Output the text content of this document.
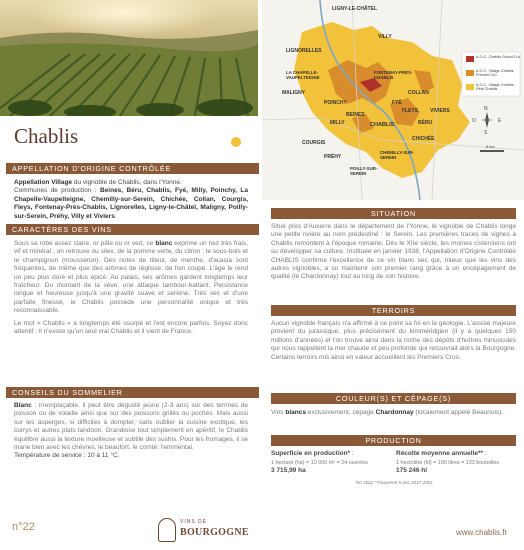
LIGNY-LE-CHÂTEL
LIGNORELLES
LA CHAPELLE-VAUPELTEIGNE
FONTENAY-PRÈS-CHABLIS
COLLAN
POINCHY
MALIGNY
BEINES
FYÉ
FLEYS VIVIERS
BÉRU
COURGIS
CHEMILLY-SUR-SEREIN
CHICHÉE
POILLY-SUR-SEREIN
PRÉHY
CHABLIS
MILLY
VILLY
A.O.C. Chablis Grand Cru
A.O.C. Village Chablis Premier Cru
A.O.C. Village Chablis - Petit Chablis
N
O	E
S
5 km
Chablis
APPELLATION D'ORIGINE CONTRÔLÉE
Appellation Village du vignoble de Chablis, dans l'Yonne.
Communes de production : Beines, Béru, Chablis, Fyé, Milly, Poinchy, La Chapelle-Vaupelteigne, Chemilly-sur-Serein, Chichée, Collan, Courgis, Fleys, Fontenay-Près-Chablis, Lignorelles, Ligny-le-Châtel, Maligny, Poilly-sur-Serein, Préhy, Villy et Viviers.
CARACTÈRES DES VINS
Sous sa robe assez claire, or pâle ou or vert, ce blanc exprime un nez très frais, vif et minéral ; on retrouve ou silex, de la pomme verte, du citron ; le sous-bois et le champignon (mousseron). Des notes de tilleul, de menthe, d'acacia sont fréquentes, de même que des arômes de réglisse, de foin coupé. L'âge le rend un peu plus doré et plus épicé. Au palais, ses arômes gardent longtemps leur fraîcheur. Du montant de la sève, une attaque tambour-battant. Persistance longue et heureuse jusqu'à une gravité suave et sereine. Très sec et d'une parfaite finesse, le Chablis possède une personnalité unique et très reconnaissable.
Le mot « Chablis » a longtemps été usurpé et l'est encore parfois. Soyez donc attentif : il n'existe qu'un seul vrai Chablis et il vient de France.
CONSEILS DU SOMMELIER
Blanc : irremplaçable, il peut être dégusté jeune (2-3 ans) sur des terrines de poisson ou de volaille ainsi que sur des poissons grillés ou pochés. Mais aussi sur les asperges, si difficiles à dompter, sans oublier la cuisine exotique, les currys et autres plats tandoori. Grandiose tout simplement en apéritif, le Chablis équilibre aussi la texture moelleuse et subtile des sushis. Pour les fromages, il se marie bien avec les chèvres, le beaufort, le comté, l'emmental.
Température de service : 10 à 11 °C.
SITUATION
Situé près d'Auxerre dans le département de l'Yonne, le vignoble de Chablis longe une petite rivière au nom prédestiné : le Serein. Les premières traces de vignes à Chablis remontent à l'époque romaine. Dès le XIIe siècle, les moines cisterciens ont su développer sa culture. Instituée en janvier 1938, l'Appellation d'Origine Contrôlée CHABLIS confirme l'excellence de ce vin blanc sec qui, mieux que les vins des autres vignobles, a su maintenir son premier rang grâce à un encépagement de qualité (le Chardonnay) tout au long de son histoire.
TERROIRS
Aucun vignoble français n'a affirmé à ce point sa foi en la géologie. L'assise majeure provient du jurassique, plus précisément du kimméridgien (il y a quelques 150 millions d'années) et l'on trouve ainsi dans la roche des dépôts d'huîtres minuscules qui nous rappellent la mer chaude et peu profonde qui recouvrait alors la Bourgogne. Certains terroirs mis ainsi en valeur accueillent les Premiers Crus.
COULEUR(S) ET CÉPAGE(S)
Vins blancs exclusivement, cépage Chardonnay (localement appelé Beaunois).
PRODUCTION
Superficie en production* :
1 hectare (ha) = 10 000 m² = 24 ouvrées
3 715,99 ha
Récolte moyenne annuelle** :
1 hectolitre (hl) = 100 litres = 133 bouteilles
175 246 hl
*en 2022 **moyenne 5 ans 2017-2021
n°22	VINS DE
BOURGOGNE	www.chablis.fr
